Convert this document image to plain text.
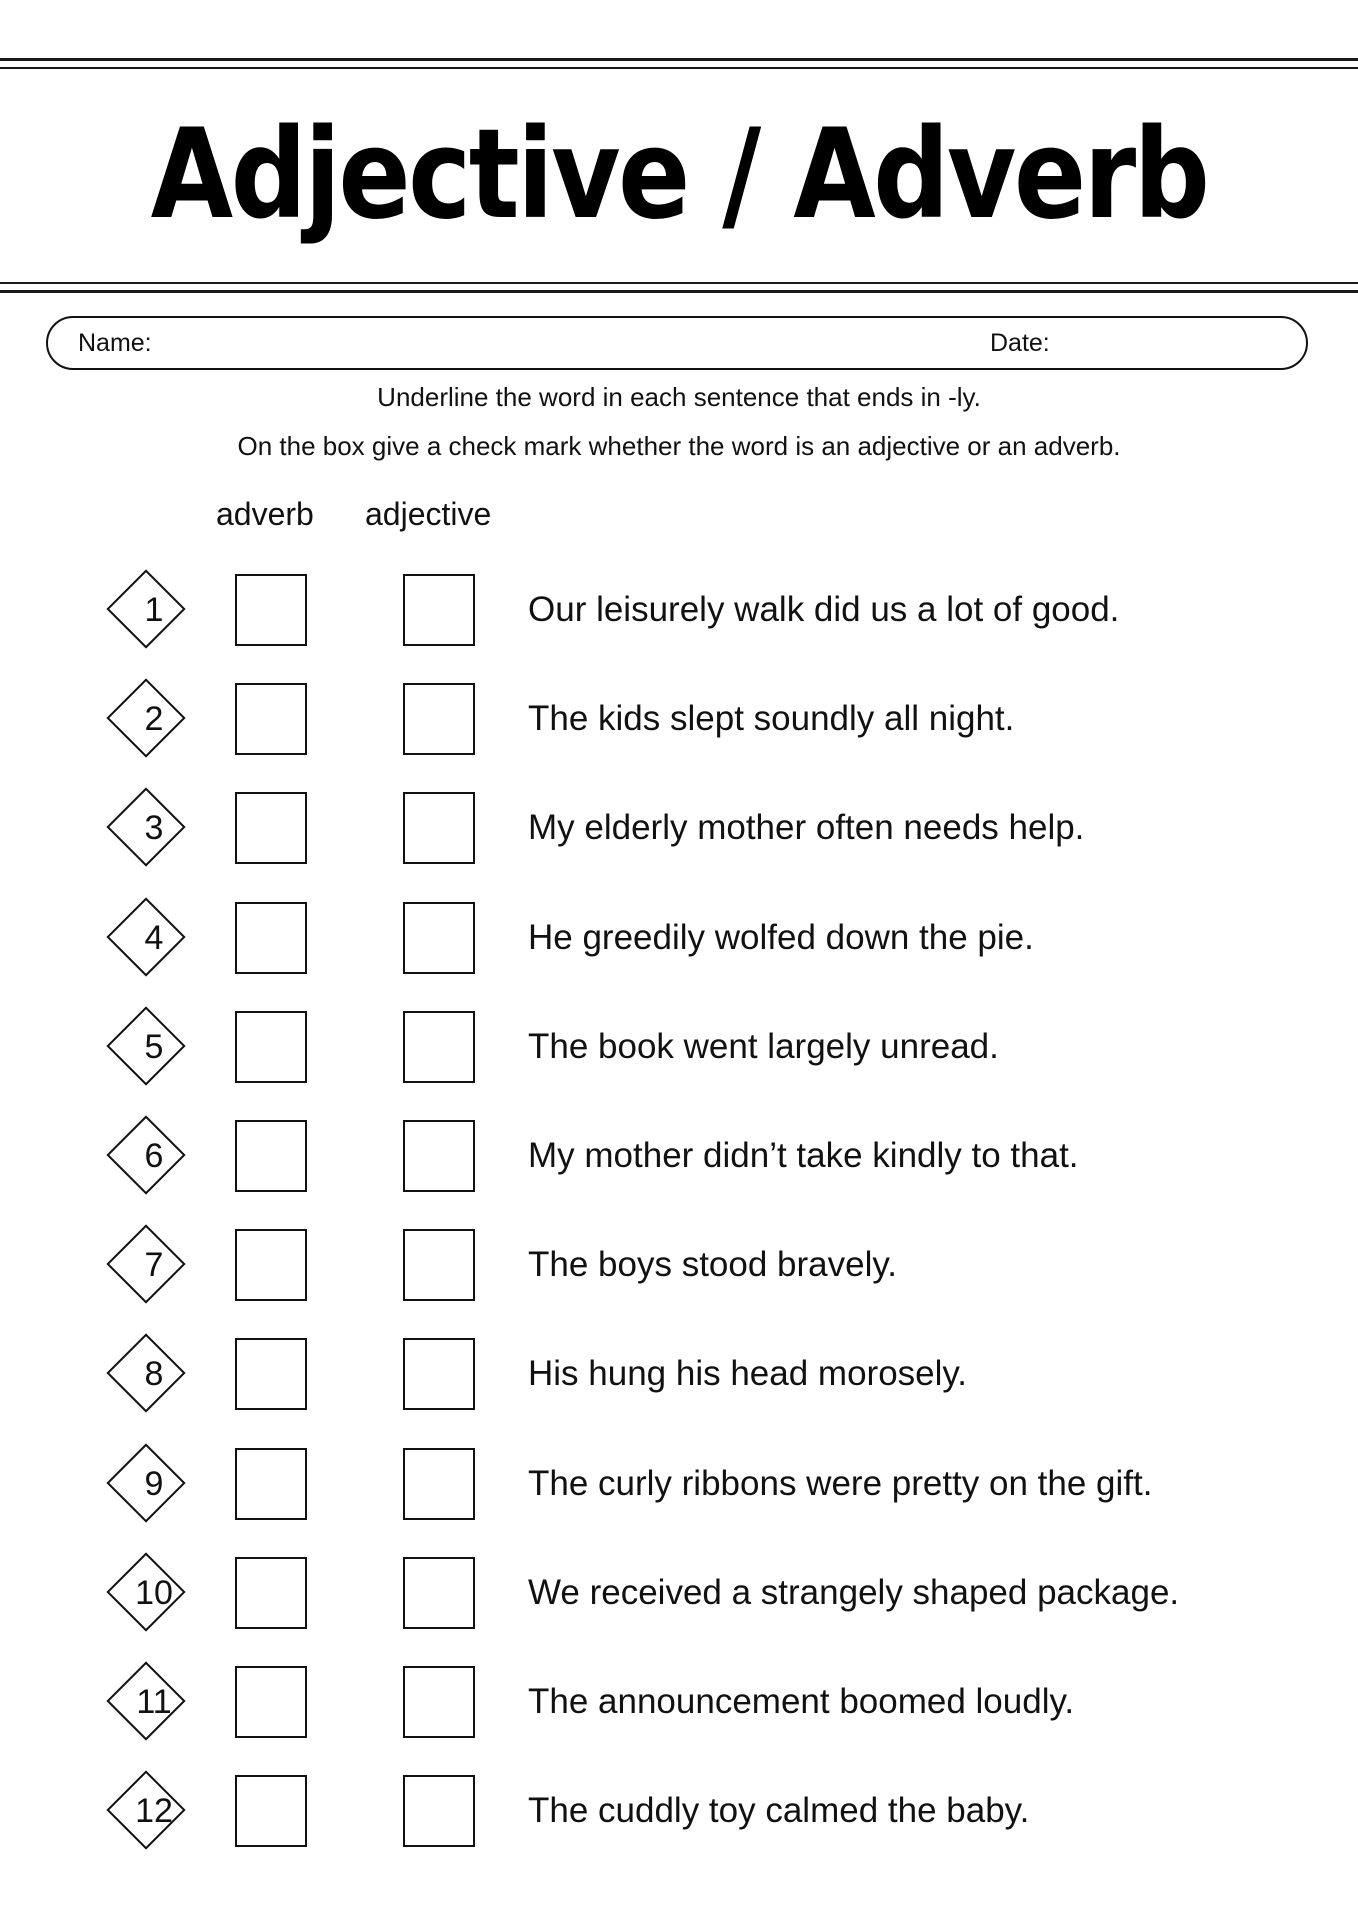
Adjective / Adverb
Name:	Date:
Underline the word in each sentence that ends in -ly.
On the box give a check mark whether the word is an adjective or an adverb.
adverb adjective
1	Our leisurely walk did us a lot of good.
2	The kids slept soundly all night.
3	My elderly mother often needs help.
4	He greedily wolfed down the pie.
5	The book went largely unread.
6	My mother didn’t take kindly to that.
7	The boys stood bravely.
8	His hung his head morosely.
9	The curly ribbons were pretty on the gift.
10	We received a strangely shaped package.
11	The announcement boomed loudly.
12	The cuddly toy calmed the baby.
